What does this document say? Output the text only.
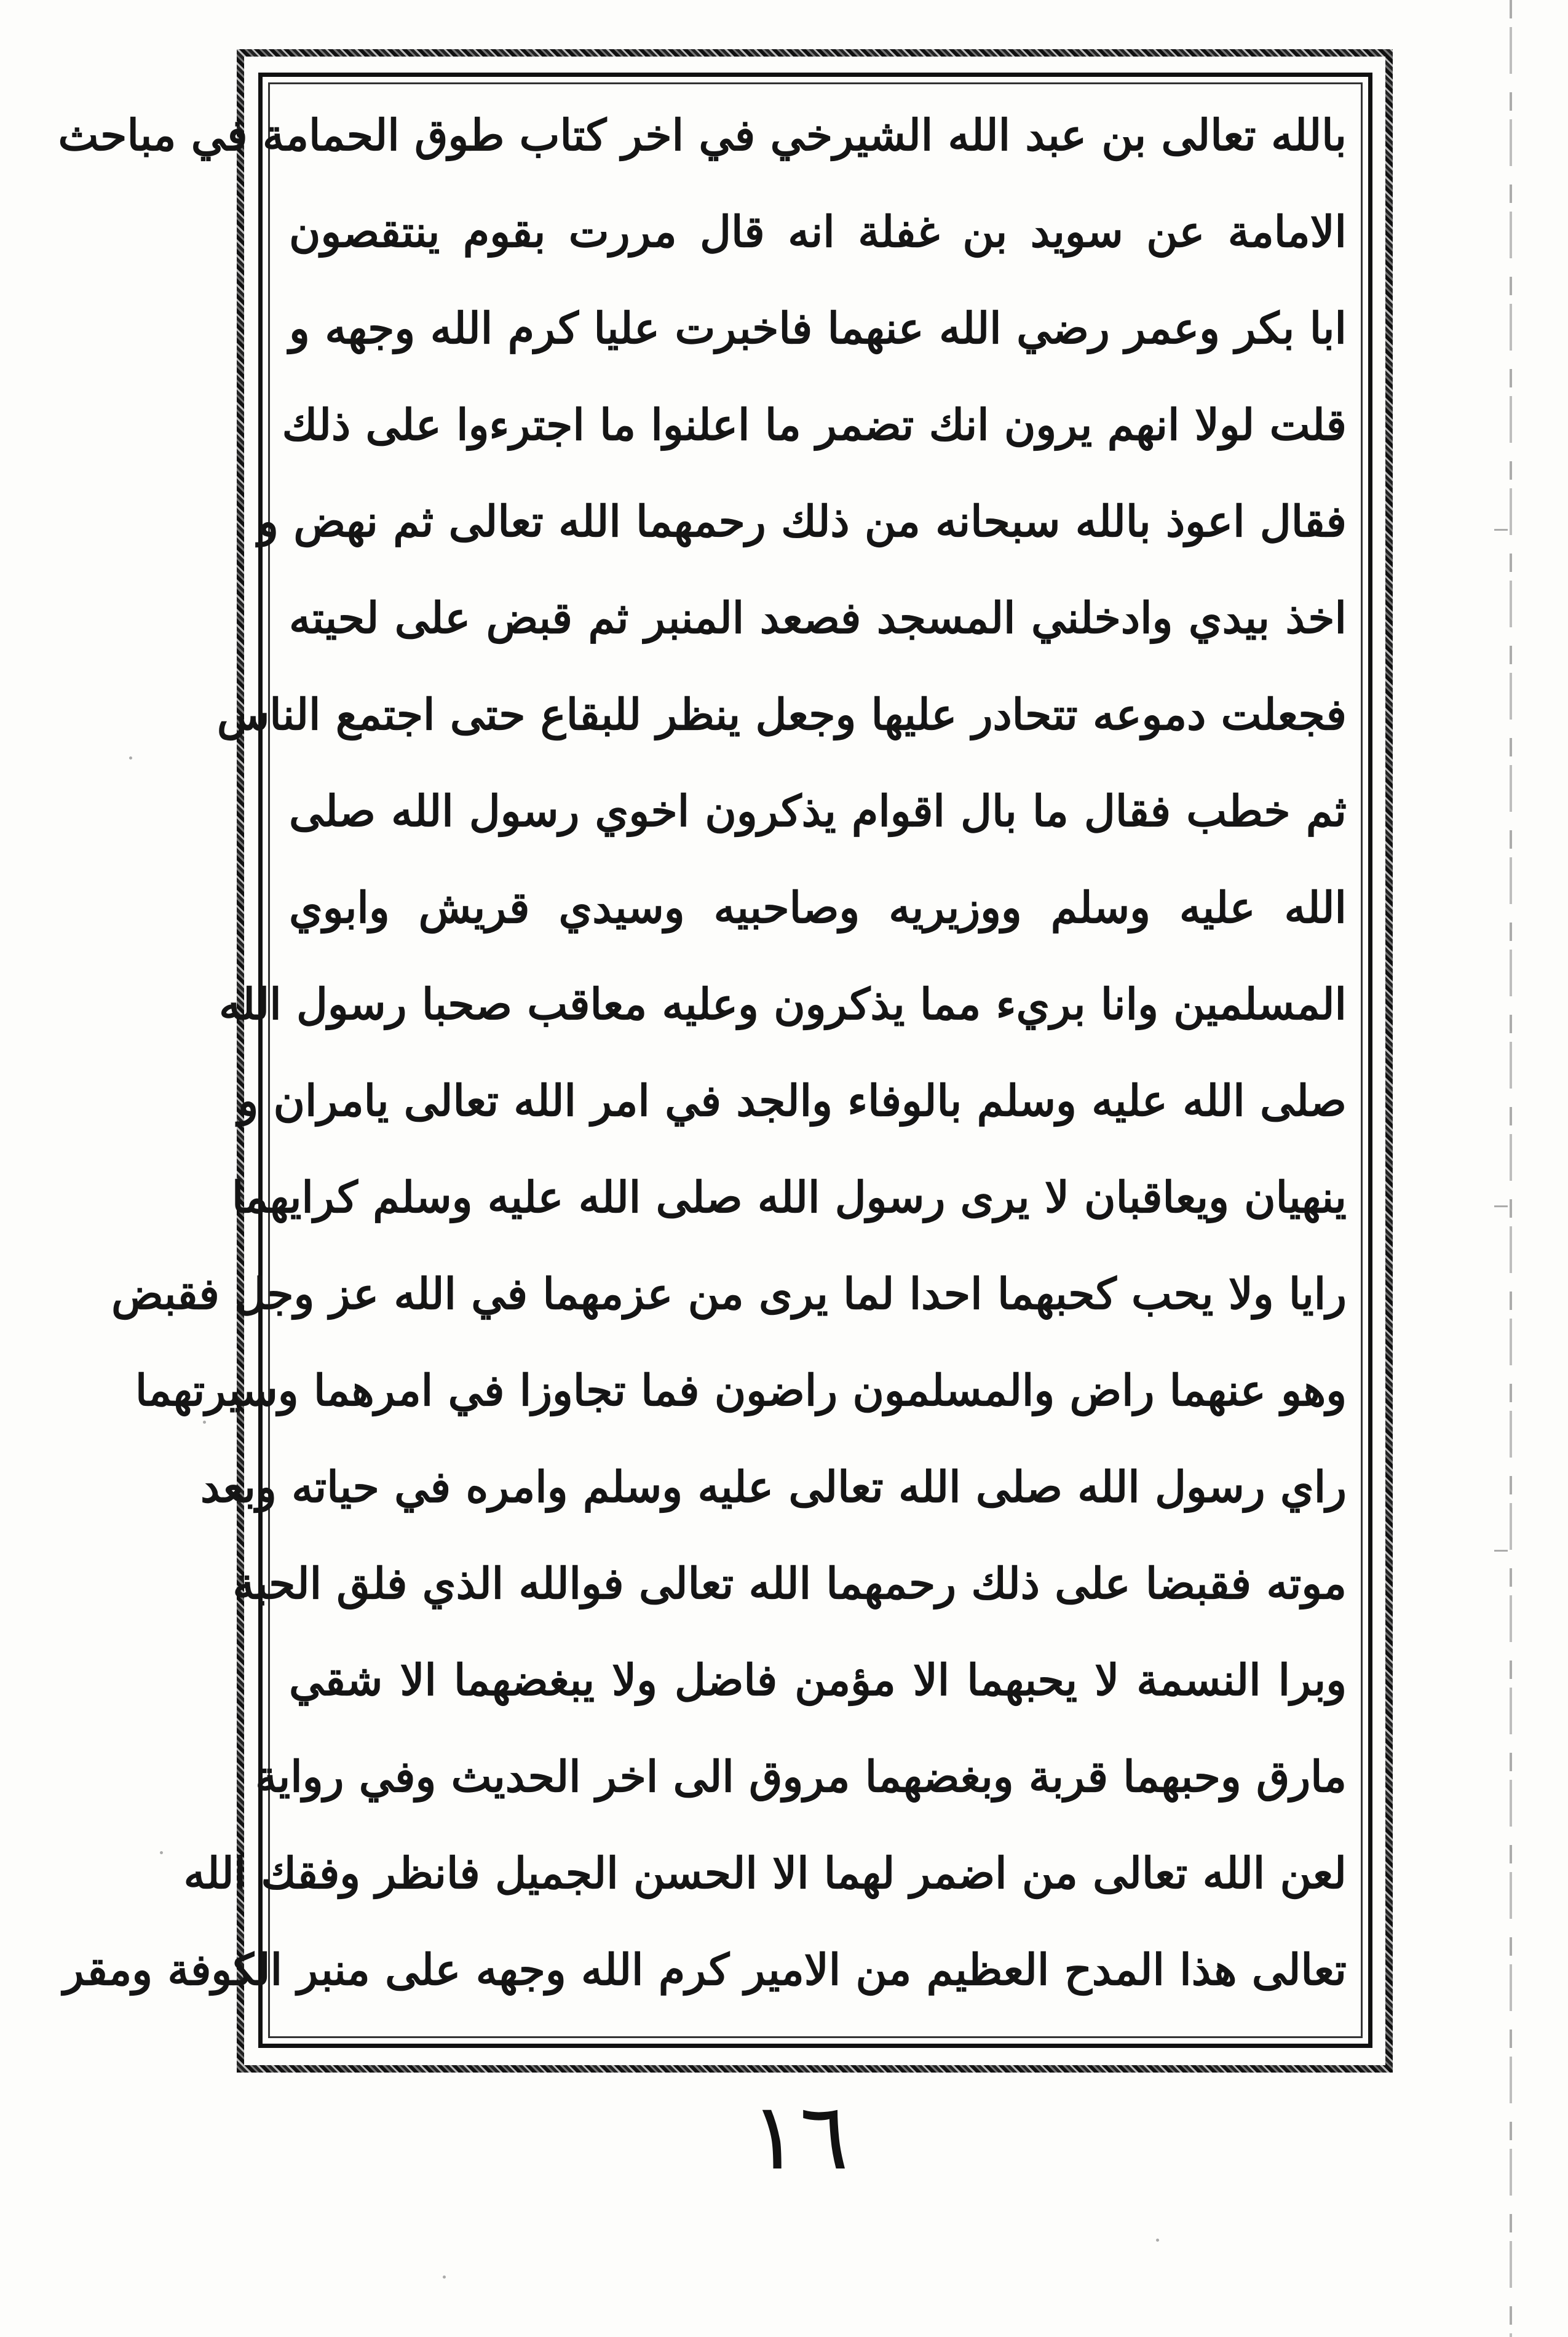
بالله تعالى بن عبد الله الشيرخي في اخر كتاب طوق الحمامة في مباحث
الامامة عن سويد بن غفلة انه قال مررت بقوم ينتقصون
ابا بكر وعمر رضي الله عنهما فاخبرت عليا كرم الله وجهه و
قلت لولا انهم يرون انك تضمر ما اعلنوا ما اجترءوا على ذلك
فقال اعوذ بالله سبحانه من ذلك رحمهما الله تعالى ثم نهض و
اخذ بيدي وادخلني المسجد فصعد المنبر ثم قبض على لحيته
فجعلت دموعه تتحادر عليها وجعل ينظر للبقاع حتى اجتمع الناس
ثم خطب فقال ما بال اقوام يذكرون اخوي رسول الله صلى
الله عليه وسلم ووزيريه وصاحبيه وسيدي قريش وابوي
المسلمين وانا بريء مما يذكرون وعليه معاقب صحبا رسول الله
صلى الله عليه وسلم بالوفاء والجد في امر الله تعالى يامران و
ينهيان ويعاقبان لا يرى رسول الله صلى الله عليه وسلم كرايهما
رايا ولا يحب كحبهما احدا لما يرى من عزمهما في الله عز وجل فقبض
وهو عنهما راض والمسلمون راضون فما تجاوزا في امرهما وسيرتهما
راي رسول الله صلى الله تعالى عليه وسلم وامره في حياته وبعد
موته فقبضا على ذلك رحمهما الله تعالى فوالله الذي فلق الحبة
وبرا النسمة لا يحبهما الا مؤمن فاضل ولا يبغضهما الا شقي
مارق وحبهما قربة وبغضهما مروق الى اخر الحديث وفي رواية
لعن الله تعالى من اضمر لهما الا الحسن الجميل فانظر وفقك الله
تعالى هذا المدح العظيم من الامير كرم الله وجهه على منبر الكوفة ومقر
١٦
